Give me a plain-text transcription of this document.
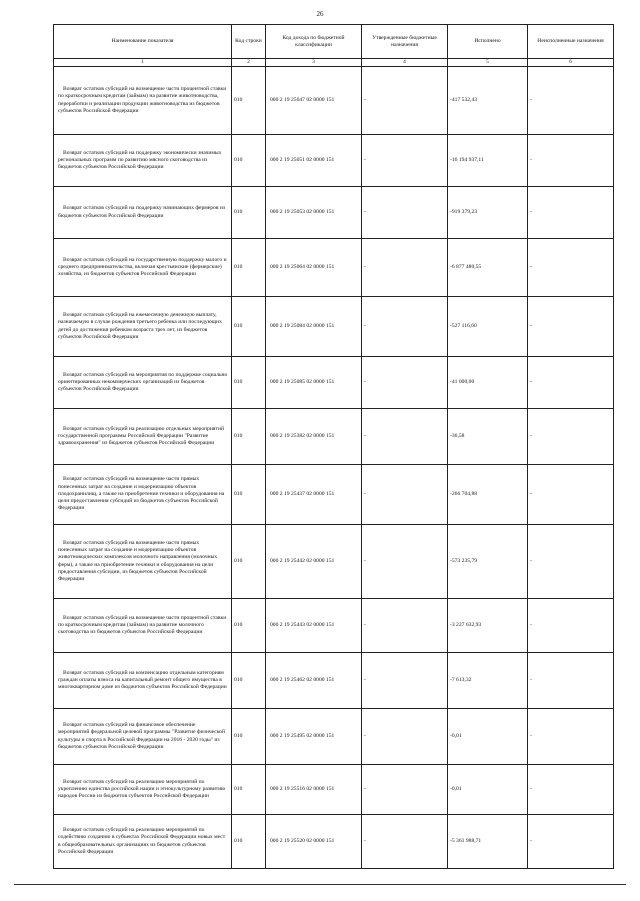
26
Наименование показателя	Код строки	Код дохода по бюджетной классификации	Утвержденные бюджетные назначения	Исполнено	Неисполненные назначения
1	2	3	4	5	6
Возврат остатков субсидий на возмещение части процентной ставки по краткосрочным кредитам (займам) на развитие животноводства, переработки и реализации продукции животноводства из бюджетов субъектов Российской Федерации	010	000 2 19 25047 02 0000 151	-	-417 532,43	-
Возврат остатков субсидий на поддержку экономически значимых региональных программ по развитию мясного скотоводства из бюджетов субъектов Российской Федерации	010	000 2 19 25051 02 0000 151	-	-16 194 937,11	-
Возврат остатков субсидий на поддержку начинающих фермеров из бюджетов субъектов Российской Федерации	010	000 2 19 25053 02 0000 151	-	-919 379,23	-
Возврат остатков субсидий на государственную поддержку малого и среднего предпринимательства, включая крестьянские (фермерские) хозяйства, из бюджетов субъектов Российской Федерации	010	000 2 19 25064 02 0000 151	-	-6 877 480,55	-
Возврат остатков субсидий на ежемесячную денежную выплату, назначаемую в случае рождения третьего ребенка или последующих детей до достижения ребенком возраста трех лет, из бюджетов субъектов Российской Федерации	010	000 2 19 25084 02 0000 151	-	-527 116,60	-
Возврат остатков субсидий на мероприятия по поддержке социально ориентированных некоммерческих организаций из бюджетов субъектов Российской Федерации	010	000 2 19 25085 02 0000 151	-	-41 000,00	-
Возврат остатков субсидий на реализацию отдельных мероприятий государственной программы Российской Федерации "Развитие здравоохранения" из бюджетов субъектов Российской Федерации	010	000 2 19 25382 02 0000 151	-	-36,58	-
Возврат остатков субсидий на возмещение части прямых понесенных затрат на создание и модернизацию объектов плодохранилищ, а также на приобретение техники и оборудования на цели предоставления субсидий из бюджетов субъектов Российской Федерации	010	000 2 19 25437 02 0000 151	-	-266 704,88	-
Возврат остатков субсидий на возмещение части прямых понесенных затрат на создание и модернизацию объектов животноводческих комплексов молочного направления (молочных ферм), а также на приобретение техники и оборудования на цели предоставления субсидии, из бюджетов субъектов Российской Федерации	010	000 2 19 25442 02 0000 151	-	-573 235,79	-
Возврат остатков субсидий на возмещение части процентной ставки по краткосрочным кредитам (займам) на развитие молочного скотоводства из бюджетов субъектов Российской Федерации	010	000 2 19 25443 02 0000 151	-	-3 227 632,93	-
Возврат остатков субсидий на компенсацию отдельным категориям граждан оплаты взноса на капитальный ремонт общего имущества в многоквартирном доме из бюджетов субъектов Российской Федерации	010	000 2 19 25462 02 0000 151	-	-7 613,32	-
Возврат остатков субсидий на финансовое обеспечение мероприятий федеральной целевой программы "Развитие физической культуры и спорта в Российской Федерации на 2016 - 2020 годы" из бюджетов субъектов Российской Федерации	010	000 2 19 25495 02 0000 151	-	-0,01	-
Возврат остатков субсидий на реализацию мероприятий по укреплению единства российской нации и этнокультурному развитию народов России из бюджетов субъектов Российской Федерации	010	000 2 19 25516 02 0000 151	-	-0,01	-
Возврат остатков субсидий на реализацию мероприятий по содействию созданию в субъектах Российской Федерации новых мест в общеобразовательных организациях из бюджетов субъектов Российской Федерации	010	000 2 19 25520 02 0000 151	-	-5 361 988,71	-
